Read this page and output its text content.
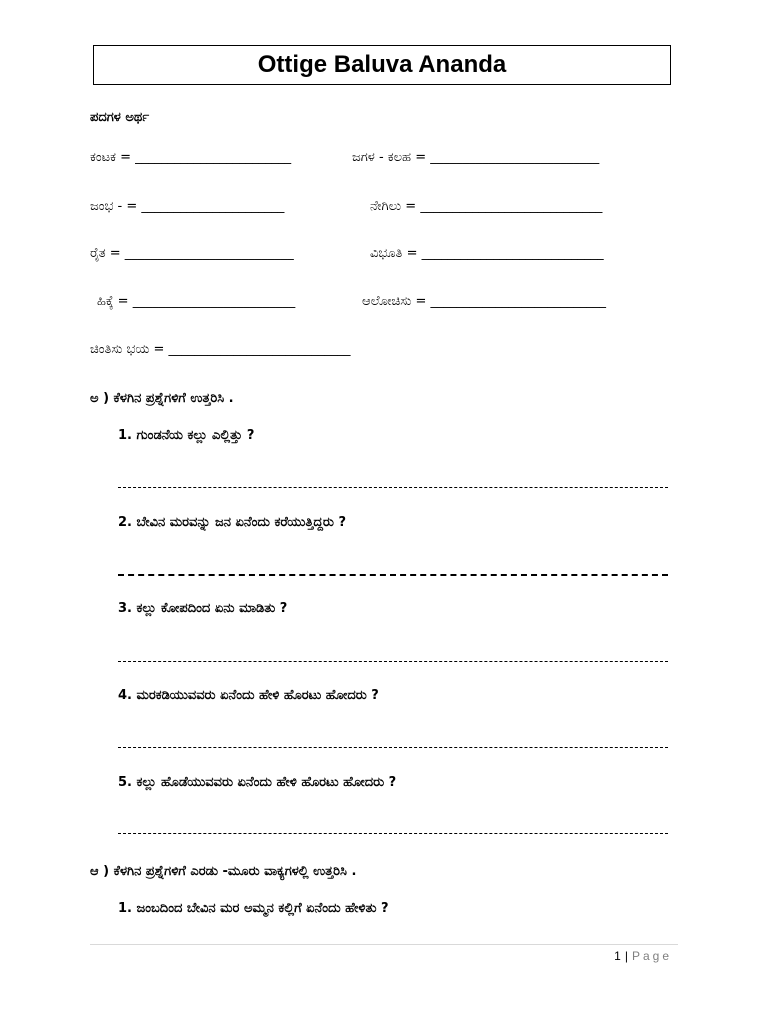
Ottige Baluva Ananda
ಪದಗಳ ಅರ್ಥ
ಕಂಟಕ = ________________________	ಜಗಳ - ಕಲಹ = __________________________
ಜಂಭ - = ______________________	ನೇಗಿಲು = ____________________________
ರೈತ = __________________________	ವಿಭೂತಿ = ____________________________
ಹಿಕ್ಕೆ = _________________________	ಆಲೋಚಿಸು = ___________________________
ಚಿಂತಿಸು ಭಯ = ____________________________
ಅ ) ಕೆಳಗಿನ ಪ್ರಶ್ನೆಗಳಿಗೆ ಉತ್ತರಿಸಿ .
1. ಗುಂಡನೆಯ ಕಲ್ಲು ಎಲ್ಲಿತ್ತು ?
2. ಬೇವಿನ ಮರವನ್ನು ಜನ ಏನೆಂದು ಕರೆಯುತ್ತಿದ್ದರು ?
3. ಕಲ್ಲು ಕೋಪದಿಂದ ಏನು ಮಾಡಿತು ?
4. ಮರಕಡಿಯುವವರು ಏನೆಂದು ಹೇಳಿ ಹೊರಟು ಹೋದರು ?
5. ಕಲ್ಲು ಹೊಡೆಯುವವರು ಏನೆಂದು ಹೇಳಿ ಹೊರಟು ಹೋದರು ?
ಆ ) ಕೆಳಗಿನ ಪ್ರಶ್ನೆಗಳಿಗೆ ಎರಡು -ಮೂರು ವಾಕ್ಯಗಳಲ್ಲಿ ಉತ್ತರಿಸಿ .
1. ಜಂಬದಿಂದ ಬೇವಿನ ಮರ ಅಮ್ಮನ ಕಲ್ಲಿಗೆ ಏನೆಂದು ಹೇಳಿತು ?
1 | Page
